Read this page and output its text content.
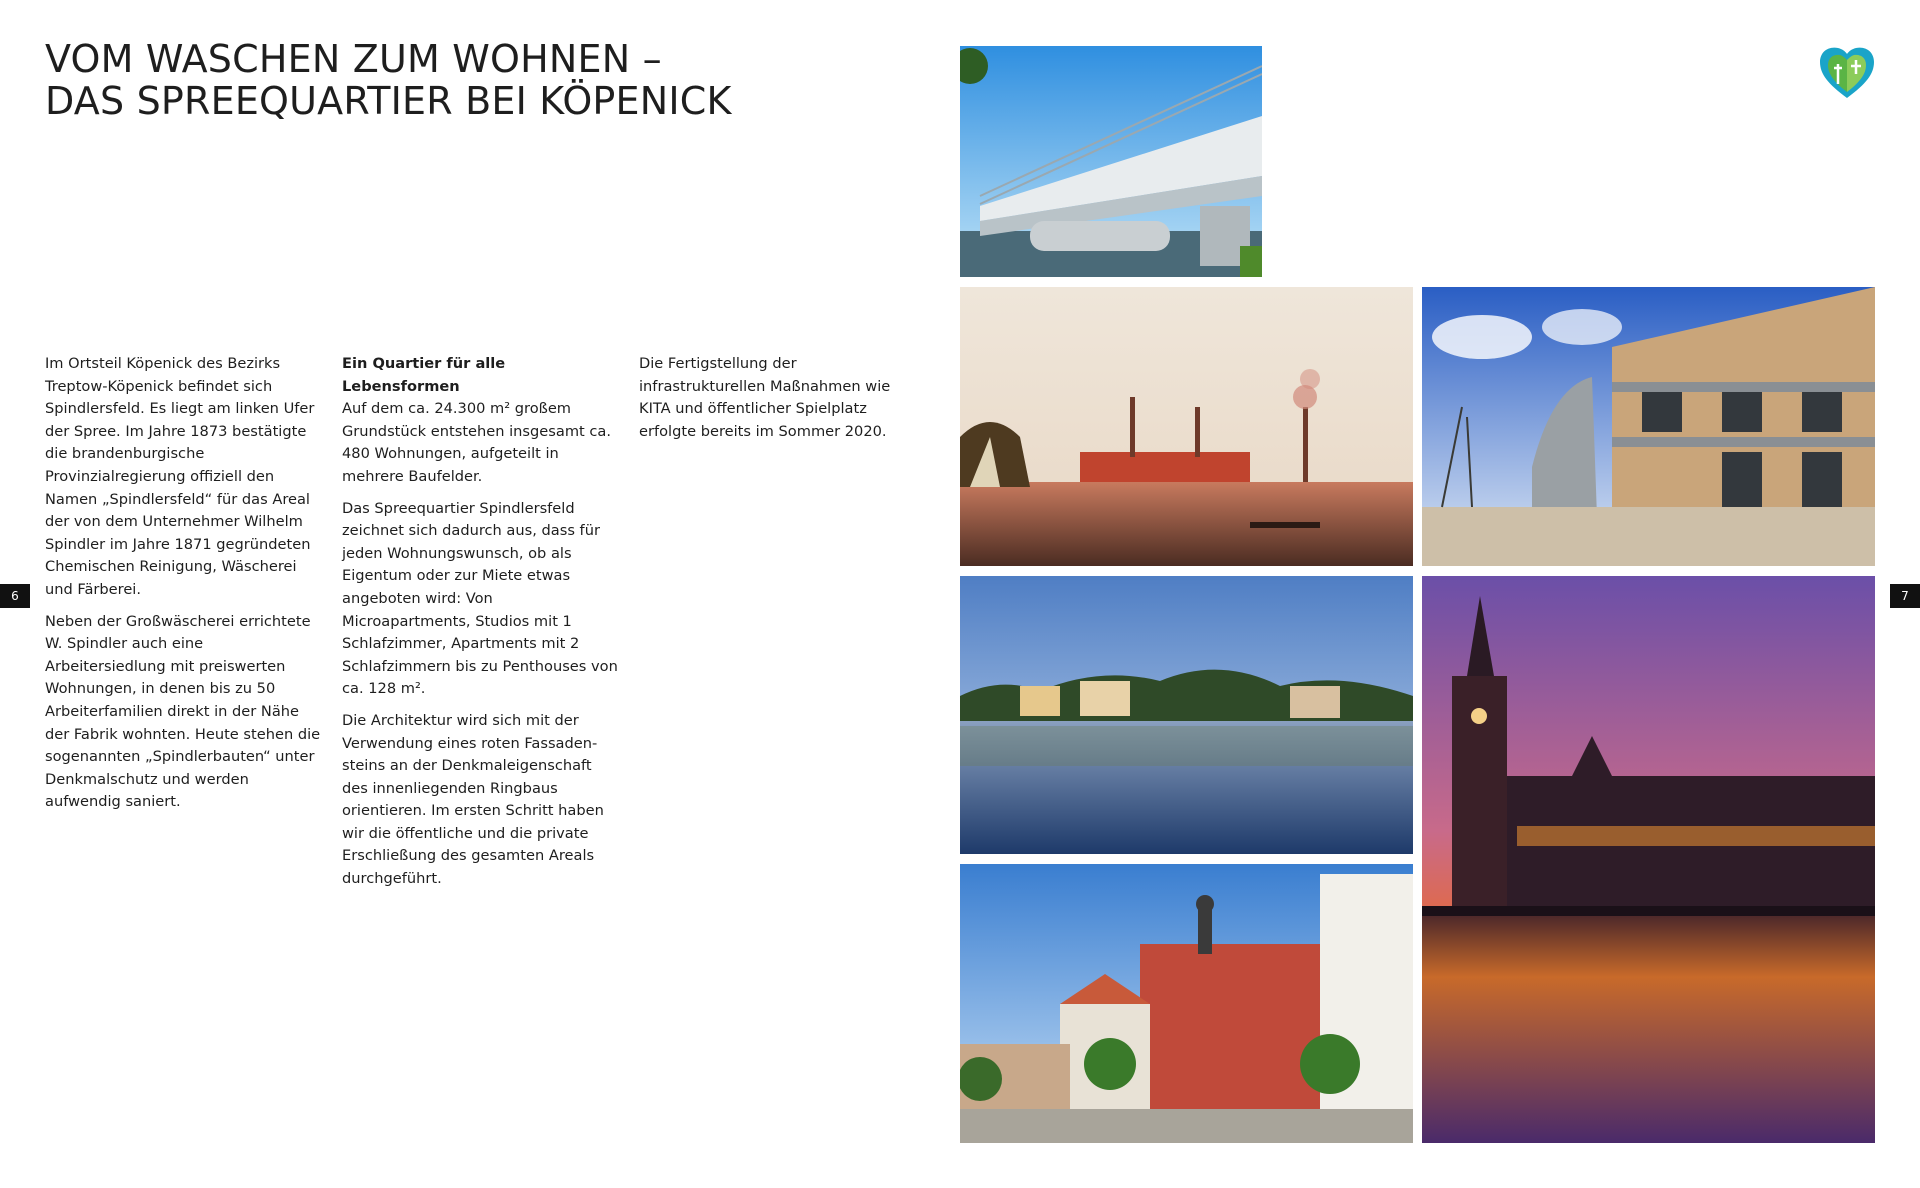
VOM WASCHEN ZUM WOHNEN –
DAS SPREEQUARTIER BEI KÖPENICK

Im Ortsteil Köpenick des Bezirks Treptow-Köpenick befindet sich Spindlersfeld. Es liegt am linken Ufer der Spree. Im Jahre 1873 bestätigte die brandenburgische Provinzialregierung offiziell den Namen „Spindlersfeld“ für das Areal der von dem Unternehmer Wilhelm Spindler im Jahre 1871 gegründeten Chemischen Reinigung, Wäscherei und Färberei.

Neben der Großwäscherei errichtete W. Spindler auch eine Arbeitersiedlung mit preiswerten Wohnungen, in denen bis zu 50 Arbeiterfamilien direkt in der Nähe der Fabrik wohnten. Heute stehen die sogenannten „Spindlerbauten“ unter Denkmalschutz und werden aufwendig saniert.

Ein Quartier für alle Lebensformen
Auf dem ca. 24.300 m² großem Grundstück entstehen insgesamt ca. 480 Wohnungen, aufgeteilt in mehrere Baufelder.

Das Spreequartier Spindlersfeld zeichnet sich dadurch aus, dass für jeden Wohnungswunsch, ob als Eigentum oder zur Miete etwas angeboten wird: Von Microapartments, Studios mit 1 Schlafzimmer, Apartments mit 2 Schlafzimmern bis zu Penthouses von ca. 128 m².

Die Architektur wird sich mit der Verwendung eines roten Fassadensteins an der Denkmaleigenschaft des innenliegenden Ringbaus orientieren. Im ersten Schritt haben wir die öffentliche und die private Erschließung des gesamten Areals durchgeführt.

Die Fertigstellung der infrastrukturellen Maßnahmen wie KITA und öffentlicher Spielplatz erfolgte bereits im Sommer 2020.

6	7
